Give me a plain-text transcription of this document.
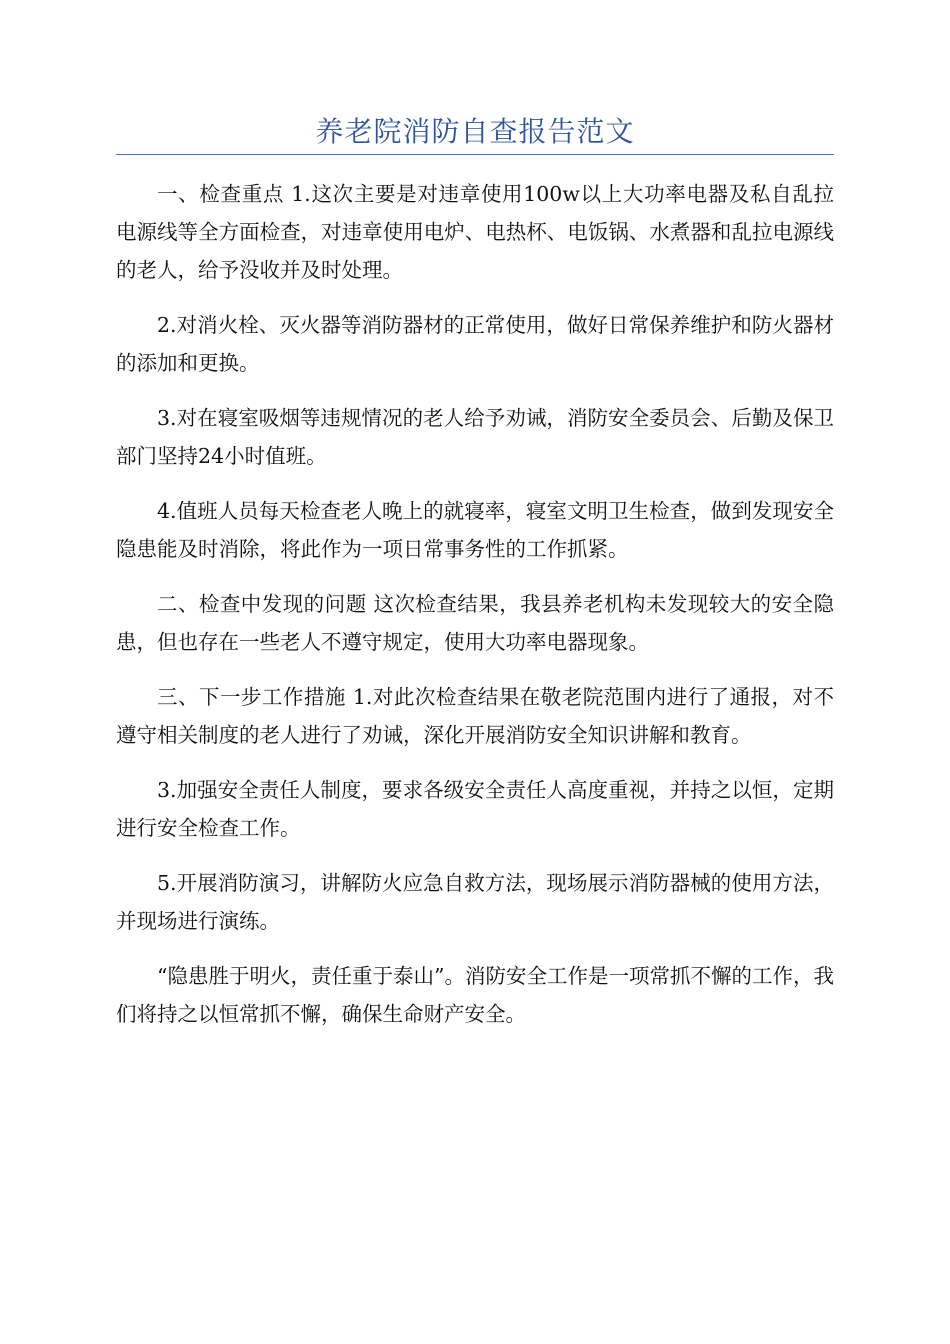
养老院消防自查报告范文

一、检查重点 1.这次主要是对违章使用100w以上大功率电器及私自乱拉电源线等全方面检查，对违章使用电炉、电热杯、电饭锅、水煮器和乱拉电源线的老人，给予没收并及时处理。

2.对消火栓、灭火器等消防器材的正常使用，做好日常保养维护和防火器材的添加和更换。

3.对在寝室吸烟等违规情况的老人给予劝诫，消防安全委员会、后勤及保卫部门坚持24小时值班。

4.值班人员每天检查老人晚上的就寝率，寝室文明卫生检查，做到发现安全隐患能及时消除，将此作为一项日常事务性的工作抓紧。

二、检查中发现的问题 这次检查结果，我县养老机构未发现较大的安全隐患，但也存在一些老人不遵守规定，使用大功率电器现象。

三、下一步工作措施 1.对此次检查结果在敬老院范围内进行了通报，对不遵守相关制度的老人进行了劝诫，深化开展消防安全知识讲解和教育。

3.加强安全责任人制度，要求各级安全责任人高度重视，并持之以恒，定期进行安全检查工作。

5.开展消防演习，讲解防火应急自救方法，现场展示消防器械的使用方法，并现场进行演练。

“隐患胜于明火，责任重于泰山”。消防安全工作是一项常抓不懈的工作，我们将持之以恒常抓不懈，确保生命财产安全。
